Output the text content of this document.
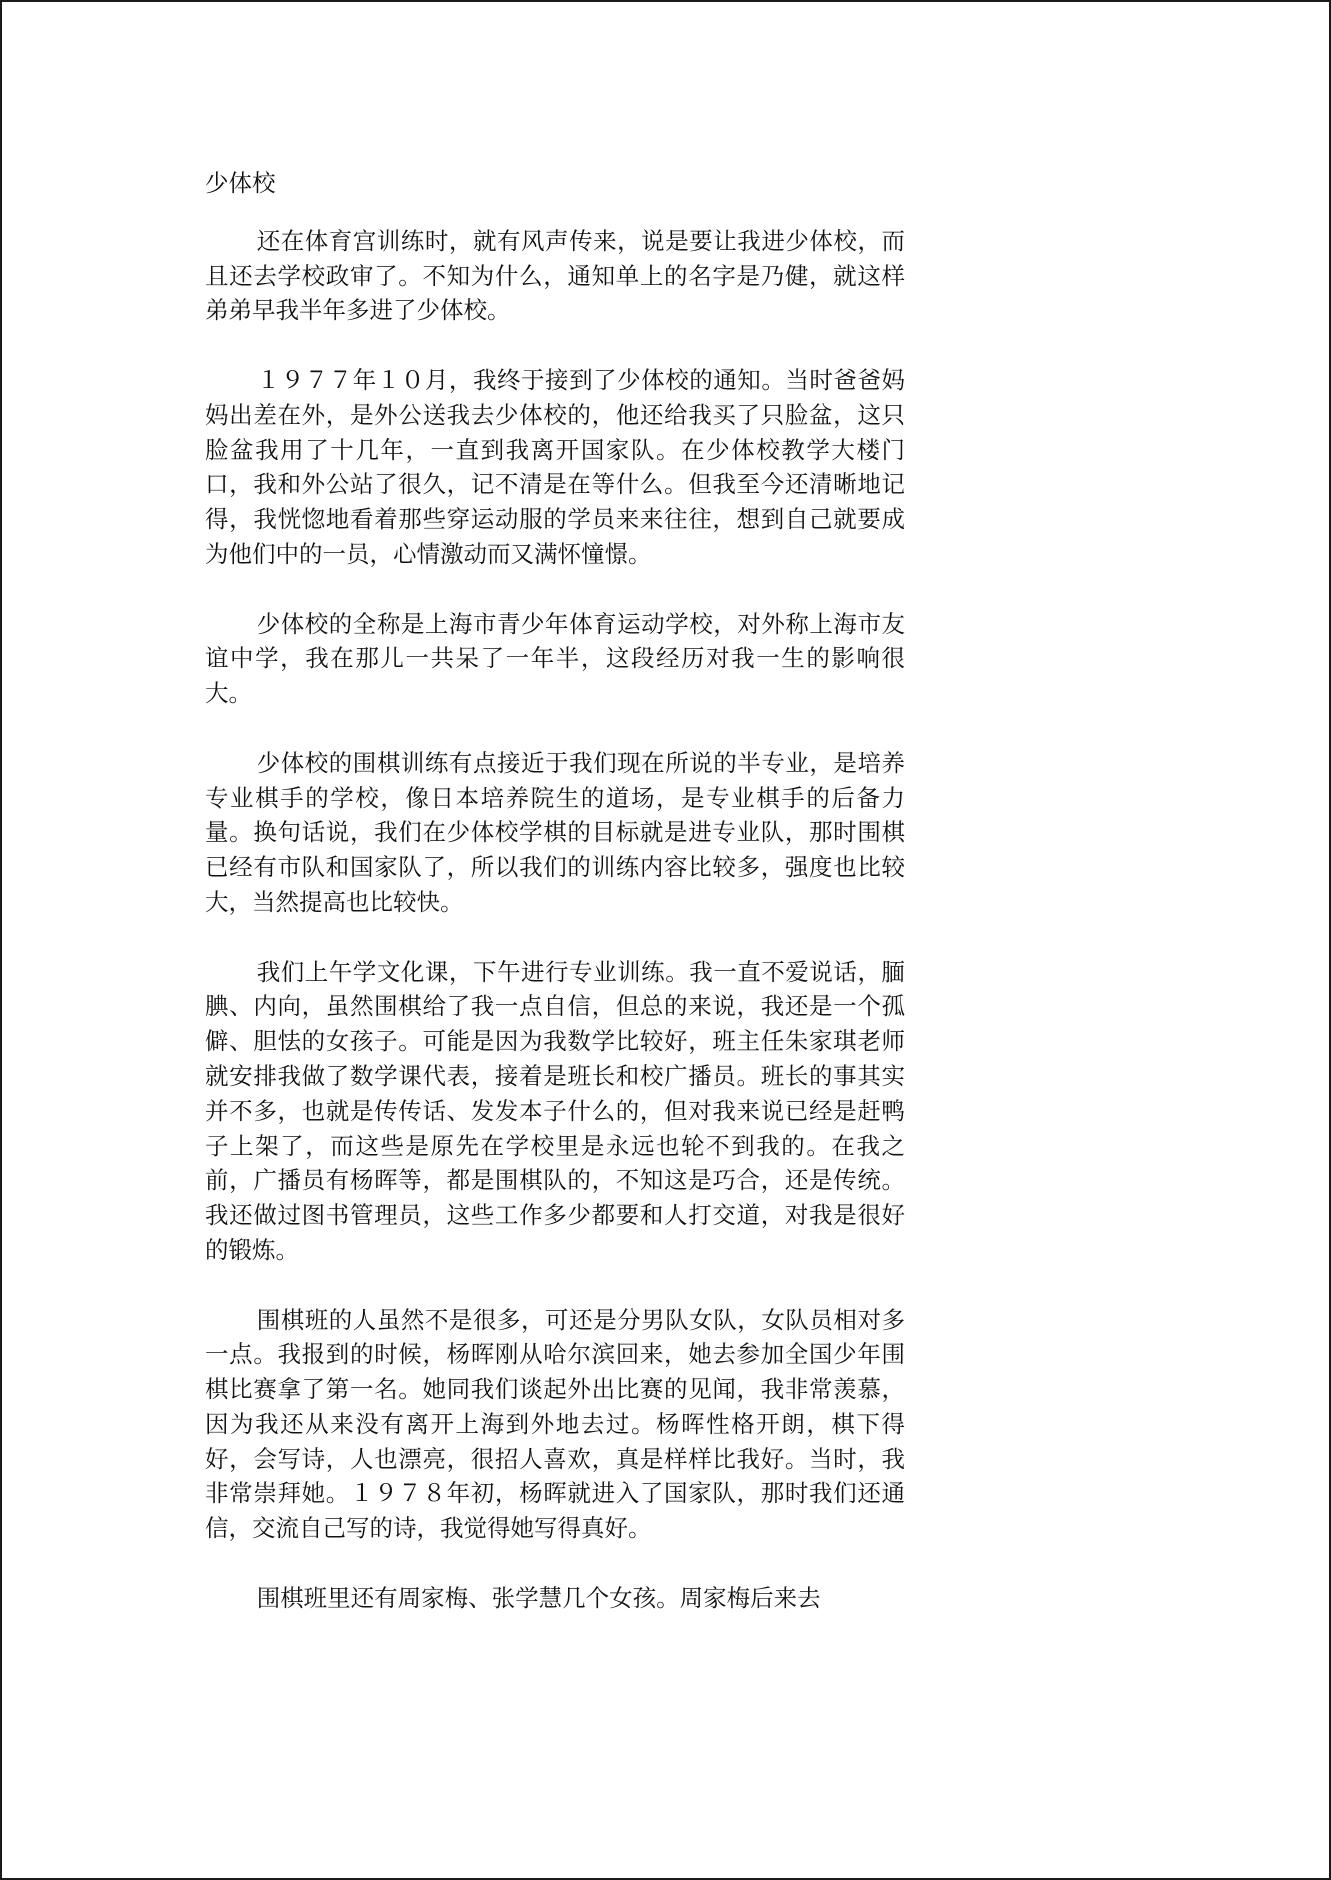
少体校

还在体育宫训练时，就有风声传来，说是要让我进少体校，而且还去学校政审了。不知为什么，通知单上的名字是乃健，就这样弟弟早我半年多进了少体校。

１９７７年１０月，我终于接到了少体校的通知。当时爸爸妈妈出差在外，是外公送我去少体校的，他还给我买了只脸盆，这只脸盆我用了十几年，一直到我离开国家队。在少体校教学大楼门口，我和外公站了很久，记不清是在等什么。但我至今还清晰地记得，我恍惚地看着那些穿运动服的学员来来往往，想到自己就要成为他们中的一员，心情激动而又满怀憧憬。

少体校的全称是上海市青少年体育运动学校，对外称上海市友谊中学，我在那儿一共呆了一年半，这段经历对我一生的影响很大。

少体校的围棋训练有点接近于我们现在所说的半专业，是培养专业棋手的学校，像日本培养院生的道场，是专业棋手的后备力量。换句话说，我们在少体校学棋的目标就是进专业队，那时围棋已经有市队和国家队了，所以我们的训练内容比较多，强度也比较大，当然提高也比较快。

我们上午学文化课，下午进行专业训练。我一直不爱说话，腼腆、内向，虽然围棋给了我一点自信，但总的来说，我还是一个孤僻、胆怯的女孩子。可能是因为我数学比较好，班主任朱家琪老师就安排我做了数学课代表，接着是班长和校广播员。班长的事其实并不多，也就是传传话、发发本子什么的，但对我来说已经是赶鸭子上架了，而这些是原先在学校里是永远也轮不到我的。在我之前，广播员有杨晖等，都是围棋队的，不知这是巧合，还是传统。我还做过图书管理员，这些工作多少都要和人打交道，对我是很好的锻炼。

围棋班的人虽然不是很多，可还是分男队女队，女队员相对多一点。我报到的时候，杨晖刚从哈尔滨回来，她去参加全国少年围棋比赛拿了第一名。她同我们谈起外出比赛的见闻，我非常羡慕，因为我还从来没有离开上海到外地去过。杨晖性格开朗，棋下得好，会写诗，人也漂亮，很招人喜欢，真是样样比我好。当时，我非常崇拜她。１９７８年初，杨晖就进入了国家队，那时我们还通信，交流自己写的诗，我觉得她写得真好。

围棋班里还有周家梅、张学慧几个女孩。周家梅后来去
